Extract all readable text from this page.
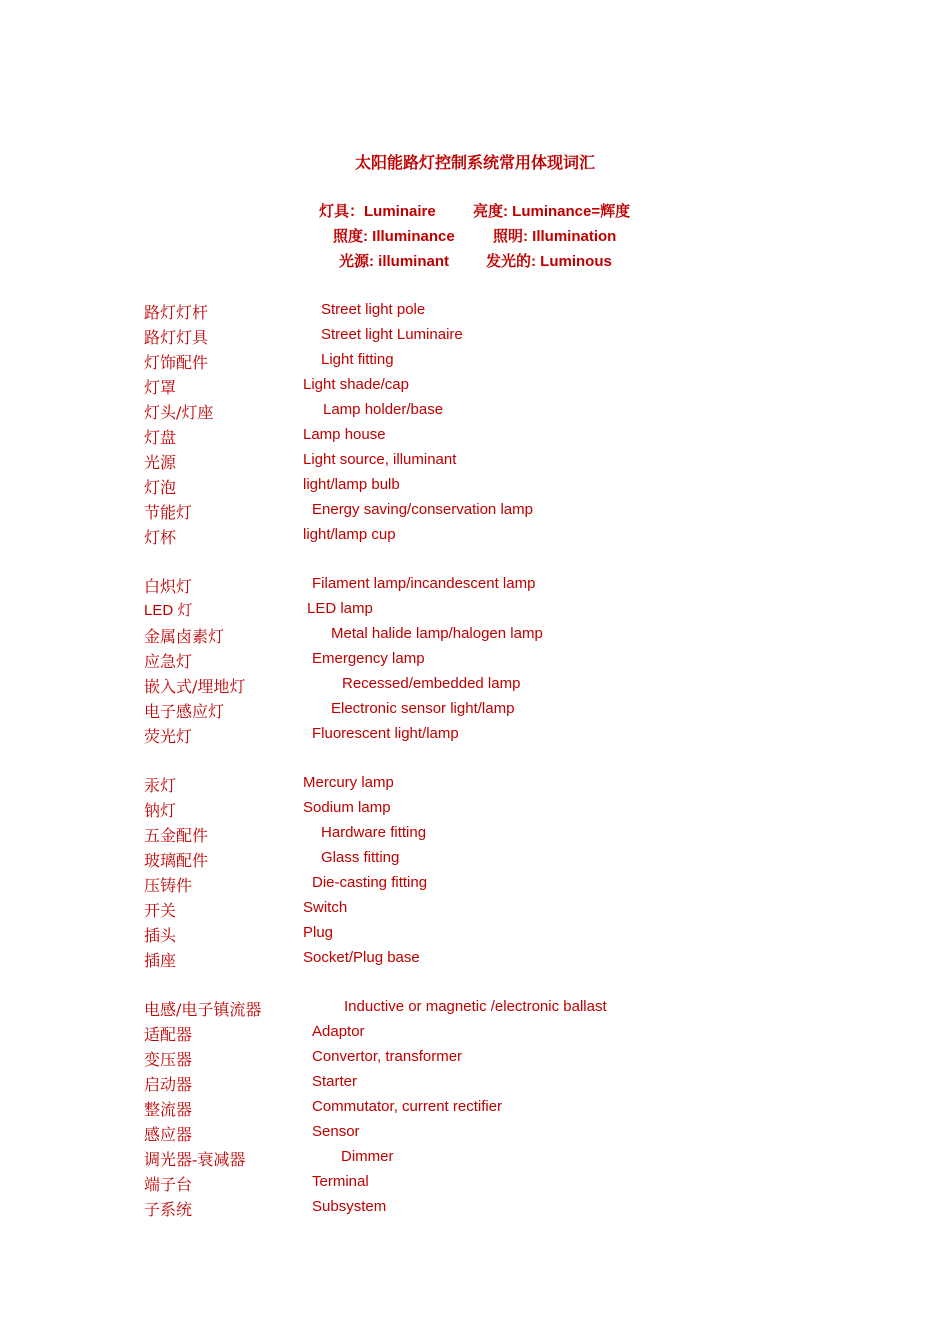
太阳能路灯控制系统常用体现词汇
灯具：Luminaire 亮度: Luminance=辉度
照度: Illuminance	照明: Illumination
光源: illuminant 发光的: Luminous
路灯灯杆	Street light pole
路灯灯具	Street light Luminaire
灯饰配件	Light fitting
灯罩	Light shade/cap
灯头/灯座	Lamp holder/base
灯盘	Lamp house
光源	Light source, illuminant
灯泡	light/lamp bulb
节能灯	Energy saving/conservation lamp
灯杯	light/lamp cup
白炽灯	Filament lamp/incandescent lamp
LED 灯	LED lamp
金属卤素灯	Metal halide lamp/halogen lamp
应急灯	Emergency lamp
嵌入式/埋地灯	Recessed/embedded lamp
电子感应灯	Electronic sensor light/lamp
荧光灯	Fluorescent light/lamp
汞灯	Mercury lamp
钠灯	Sodium lamp
五金配件	Hardware fitting
玻璃配件	Glass fitting
压铸件	Die-casting fitting
开关	Switch
插头	Plug
插座	Socket/Plug base
电感/电子镇流器	Inductive or magnetic /electronic ballast
适配器	Adaptor
变压器	Convertor, transformer
启动器	Starter
整流器	Commutator, current rectifier
感应器	Sensor
调光器-衰减器	Dimmer
端子台	Terminal
子系统	Subsystem
